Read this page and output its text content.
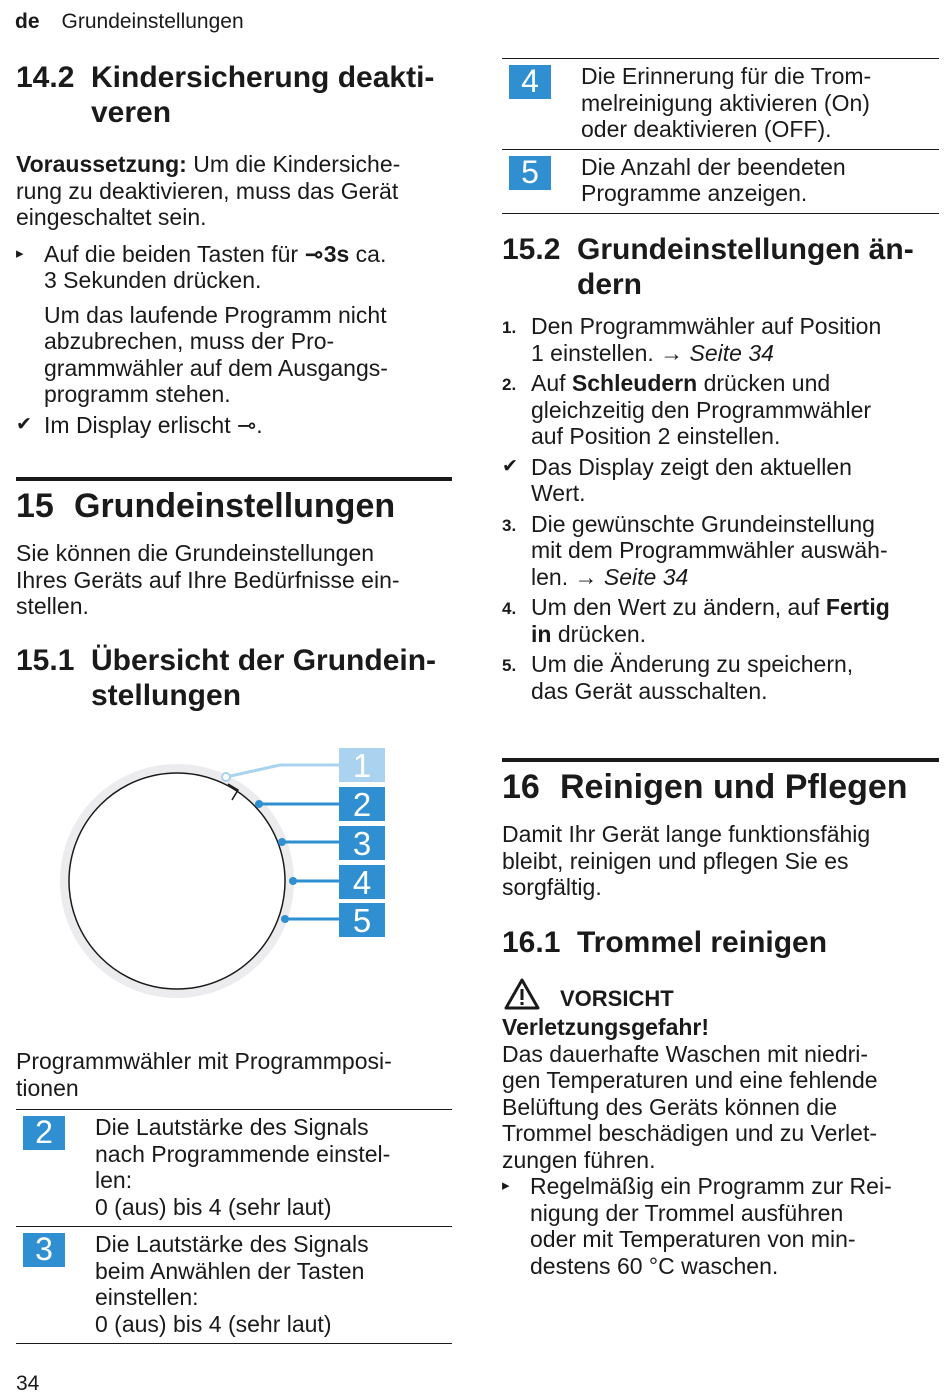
de Grundeinstellungen
14.2 Kindersicherung deakti-
veren

Voraussetzung: Um die Kindersiche-
rung zu deaktivieren, muss das Gerät
eingeschaltet sein.

▸ Auf die beiden Tasten für ⊸3s ca.
3 Sekunden drücken.
Um das laufende Programm nicht
abzubrechen, muss der Pro-
grammwähler auf dem Ausgangs-
programm stehen.
✔ Im Display erlischt ⊸.
15 Grundeinstellungen

Sie können die Grundeinstellungen
Ihres Geräts auf Ihre Bedürfnisse ein-
stellen.

15.1 Übersicht der Grundein-
stellungen
1
2
3
4
5

Programmwähler mit Programmposi-
tionen

2	Die Lautstärke des Signals
nach Programmende einstel-
len:
0 (aus) bis 4 (sehr laut)
3	Die Lautstärke des Signals
beim Anwählen der Tasten
einstellen:
0 (aus) bis 4 (sehr laut)
34
4	Die Erinnerung für die Trom-
melreinigung aktivieren (On)
oder deaktivieren (OFF).
5	Die Anzahl der beendeten
Programme anzeigen.
15.2 Grundeinstellungen än-
dern
1. Den Programmwähler auf Position
1 einstellen. → Seite 34
2. Auf Schleudern drücken und
gleichzeitig den Programmwähler
auf Position 2 einstellen.
✔ Das Display zeigt den aktuellen
Wert.
3. Die gewünschte Grundeinstellung
mit dem Programmwähler auswäh-
len. → Seite 34
4. Um den Wert zu ändern, auf Fertig
in drücken.
5. Um die Änderung zu speichern,
das Gerät ausschalten.
16 Reinigen und Pflegen

Damit Ihr Gerät lange funktionsfähig
bleibt, reinigen und pflegen Sie es
sorgfältig.

16.1 Trommel reinigen
VORSICHT

Verletzungsgefahr!

Das dauerhafte Waschen mit niedri-
gen Temperaturen und eine fehlende
Belüftung des Geräts können die
Trommel beschädigen und zu Verlet-
zungen führen.

▸ Regelmäßig ein Programm zur Rei-
nigung der Trommel ausführen
oder mit Temperaturen von min-
destens 60 °C waschen.
